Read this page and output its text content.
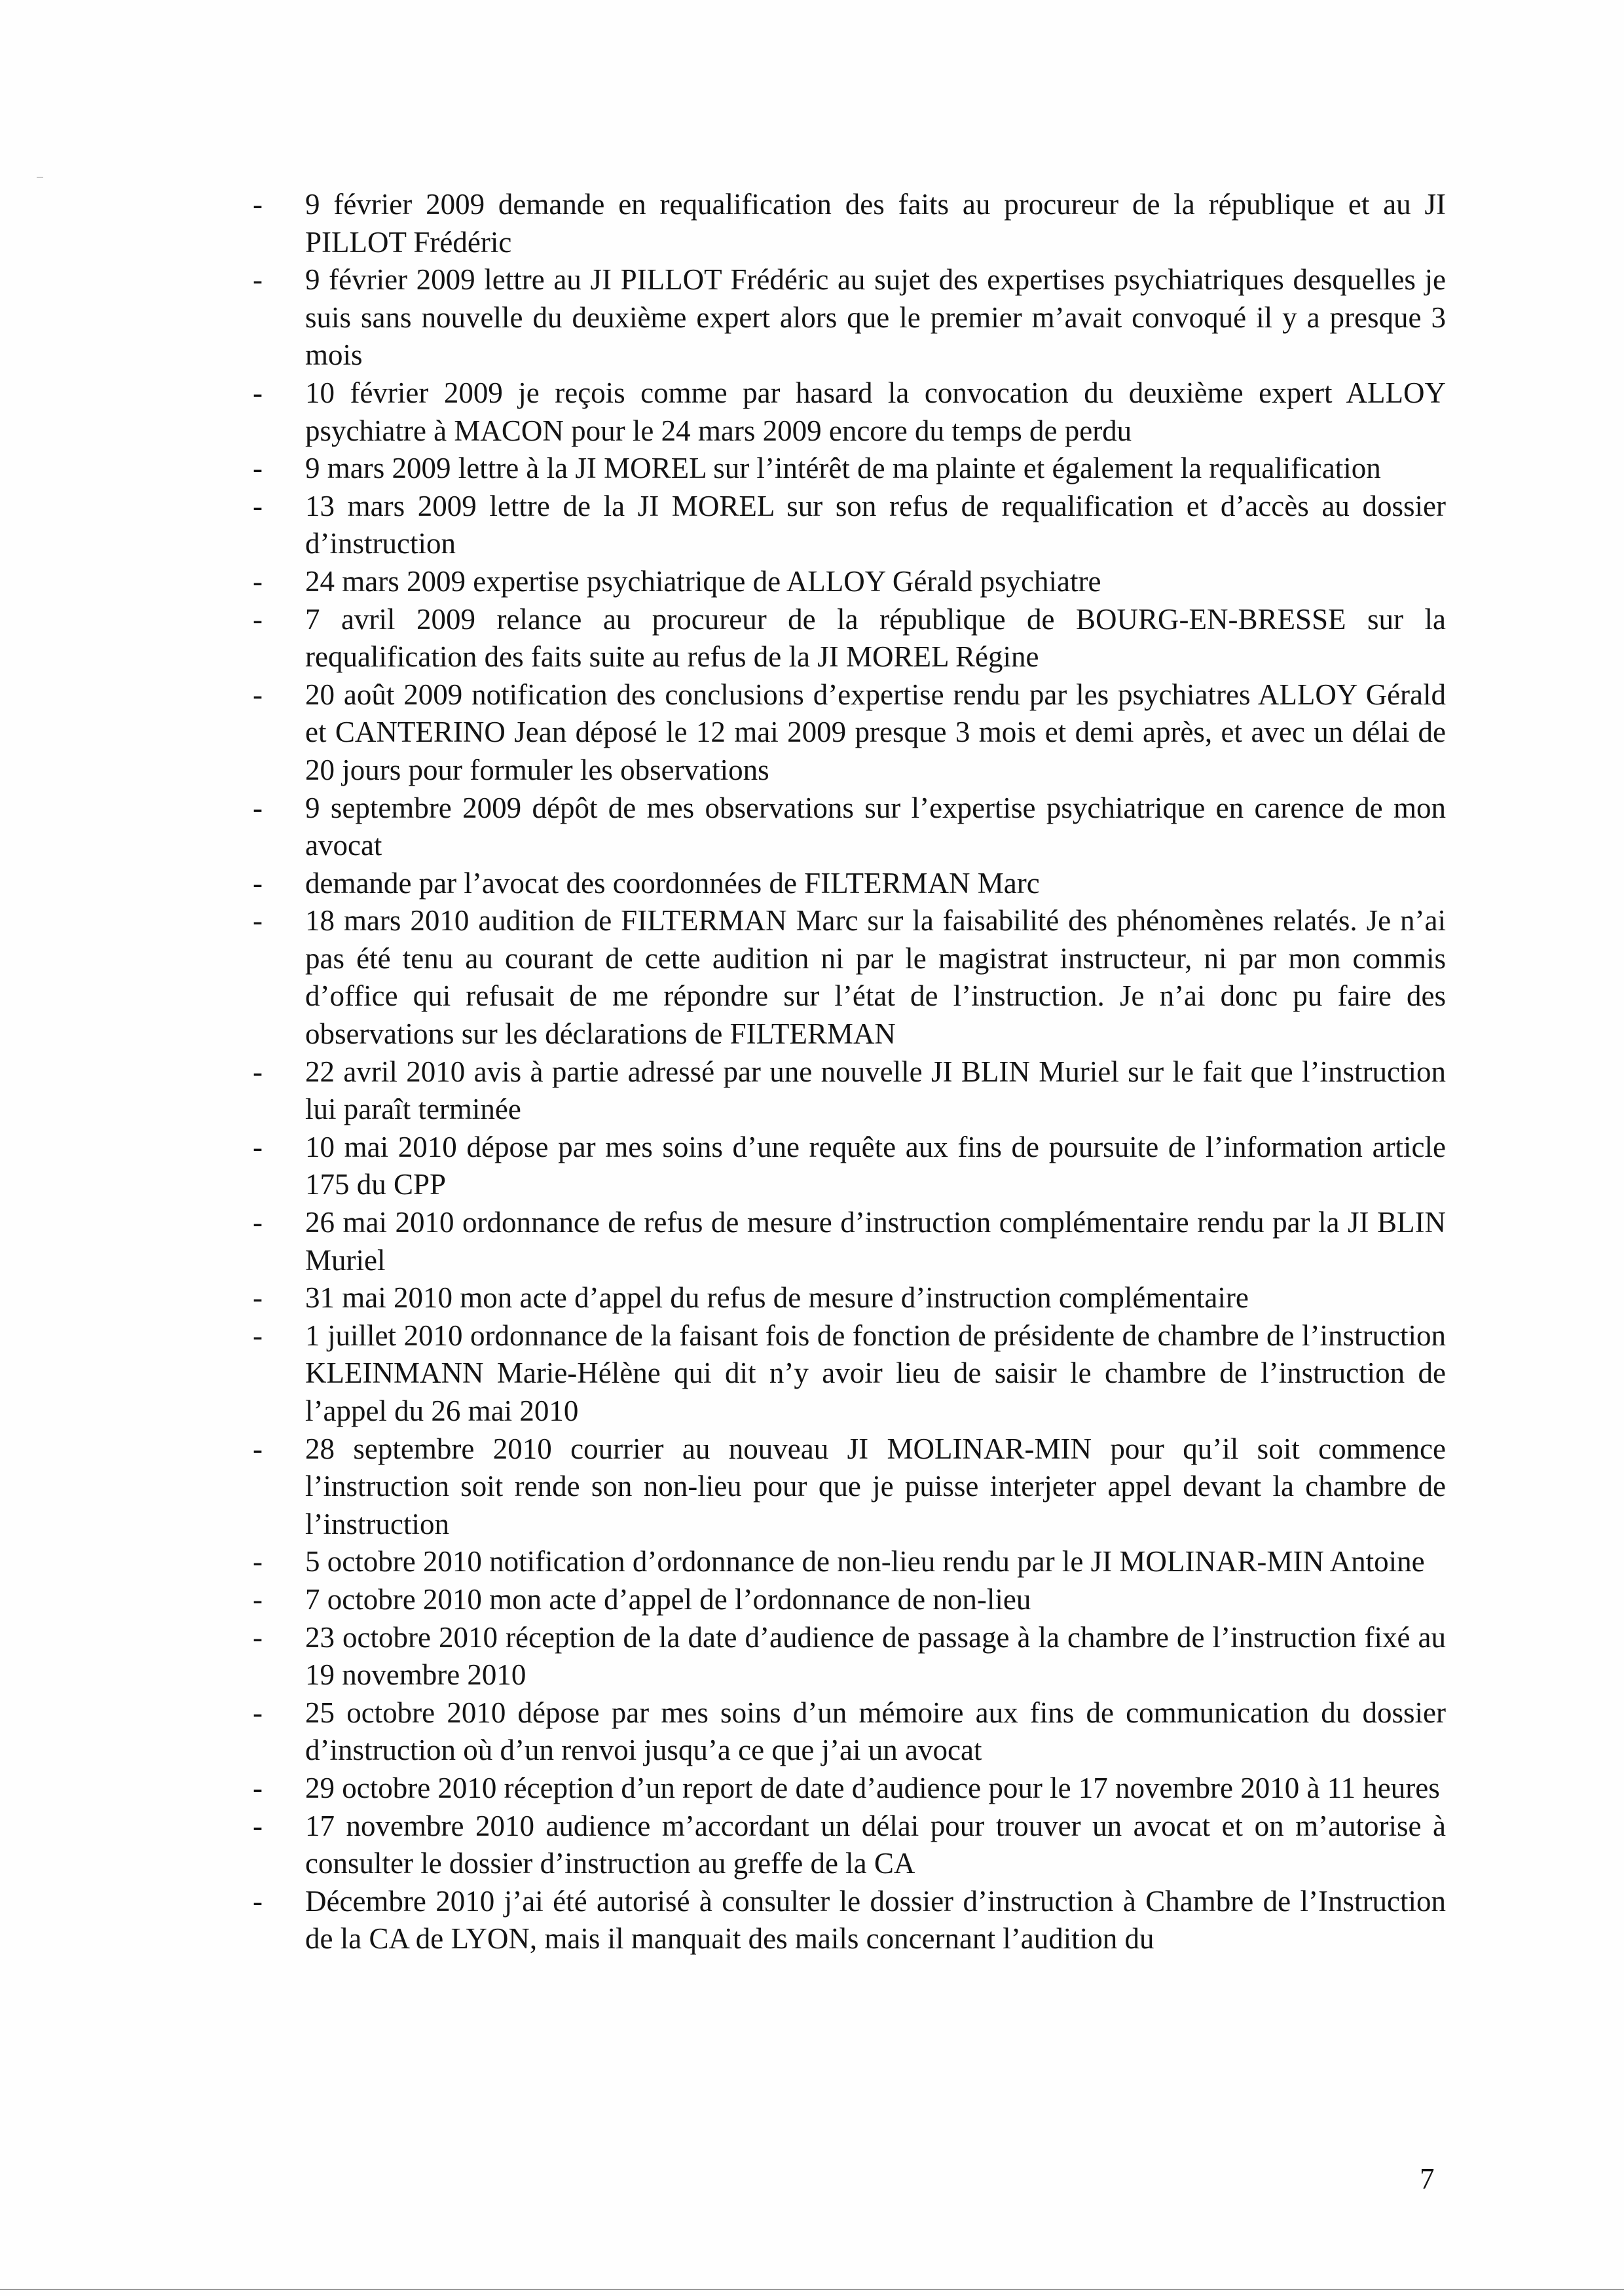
-	9 février 2009 demande en requalification des faits au procureur de la république et au JI PILLOT Frédéric
-	9 février 2009 lettre au JI PILLOT Frédéric au sujet des expertises psychiatriques desquelles je suis sans nouvelle du deuxième expert alors que le premier m’avait convoqué il y a presque 3 mois
-	10 février 2009 je reçois comme par hasard la convocation du deuxième expert ALLOY psychiatre à MACON pour le 24 mars 2009 encore du temps de perdu
-	9 mars 2009 lettre à la JI MOREL sur l’intérêt de ma plainte et également la requalification
-	13 mars 2009 lettre de la JI MOREL sur son refus de requalification et d’accès au dossier d’instruction
-	24 mars 2009 expertise psychiatrique de ALLOY Gérald psychiatre
-	7 avril 2009 relance au procureur de la république de BOURG-EN-BRESSE sur la requalification des faits suite au refus de la JI MOREL Régine
-	20 août 2009 notification des conclusions d’expertise rendu par les psychiatres ALLOY Gérald et CANTERINO Jean déposé le 12 mai 2009 presque 3 mois et demi après, et avec un délai de 20 jours pour formuler les observations
-	9 septembre 2009 dépôt de mes observations sur l’expertise psychiatrique en carence de mon avocat
-	demande par l’avocat des coordonnées de FILTERMAN Marc
-	18 mars 2010 audition de FILTERMAN Marc sur la faisabilité des phénomènes relatés. Je n’ai pas été tenu au courant de cette audition ni par le magistrat instructeur, ni par mon commis d’office qui refusait de me répondre sur l’état de l’instruction. Je n’ai donc pu faire des observations sur les déclarations de FILTERMAN
-	22 avril 2010 avis à partie adressé par une nouvelle JI BLIN Muriel sur le fait que l’instruction lui paraît terminée
-	10 mai 2010 dépose par mes soins d’une requête aux fins de poursuite de l’information article 175 du CPP
-	26 mai 2010 ordonnance de refus de mesure d’instruction complémentaire rendu par la JI BLIN Muriel
-	31 mai 2010 mon acte d’appel du refus de mesure d’instruction complémentaire
-	1 juillet 2010 ordonnance de la faisant fois de fonction de présidente de chambre de l’instruction KLEINMANN Marie-Hélène qui dit n’y avoir lieu de saisir le chambre de l’instruction de l’appel du 26 mai 2010
-	28 septembre 2010 courrier au nouveau JI MOLINAR-MIN pour qu’il soit commence l’instruction soit rende son non-lieu pour que je puisse interjeter appel devant la chambre de l’instruction
-	5 octobre 2010 notification d’ordonnance de non-lieu rendu par le JI MOLINAR-MIN Antoine
-	7 octobre 2010 mon acte d’appel de l’ordonnance de non-lieu
-	23 octobre 2010 réception de la date d’audience de passage à la chambre de l’instruction fixé au 19 novembre 2010
-	25 octobre 2010 dépose par mes soins d’un mémoire aux fins de communication du dossier d’instruction où d’un renvoi jusqu’a ce que j’ai un avocat
-	29 octobre 2010 réception d’un report de date d’audience pour le 17 novembre 2010 à 11 heures
-	17 novembre 2010 audience m’accordant un délai pour trouver un avocat et on m’autorise à consulter le dossier d’instruction au greffe de la CA
-	Décembre 2010 j’ai été autorisé à consulter le dossier d’instruction à Chambre de l’Instruction de la CA de LYON, mais il manquait des mails concernant l’audition du
7
